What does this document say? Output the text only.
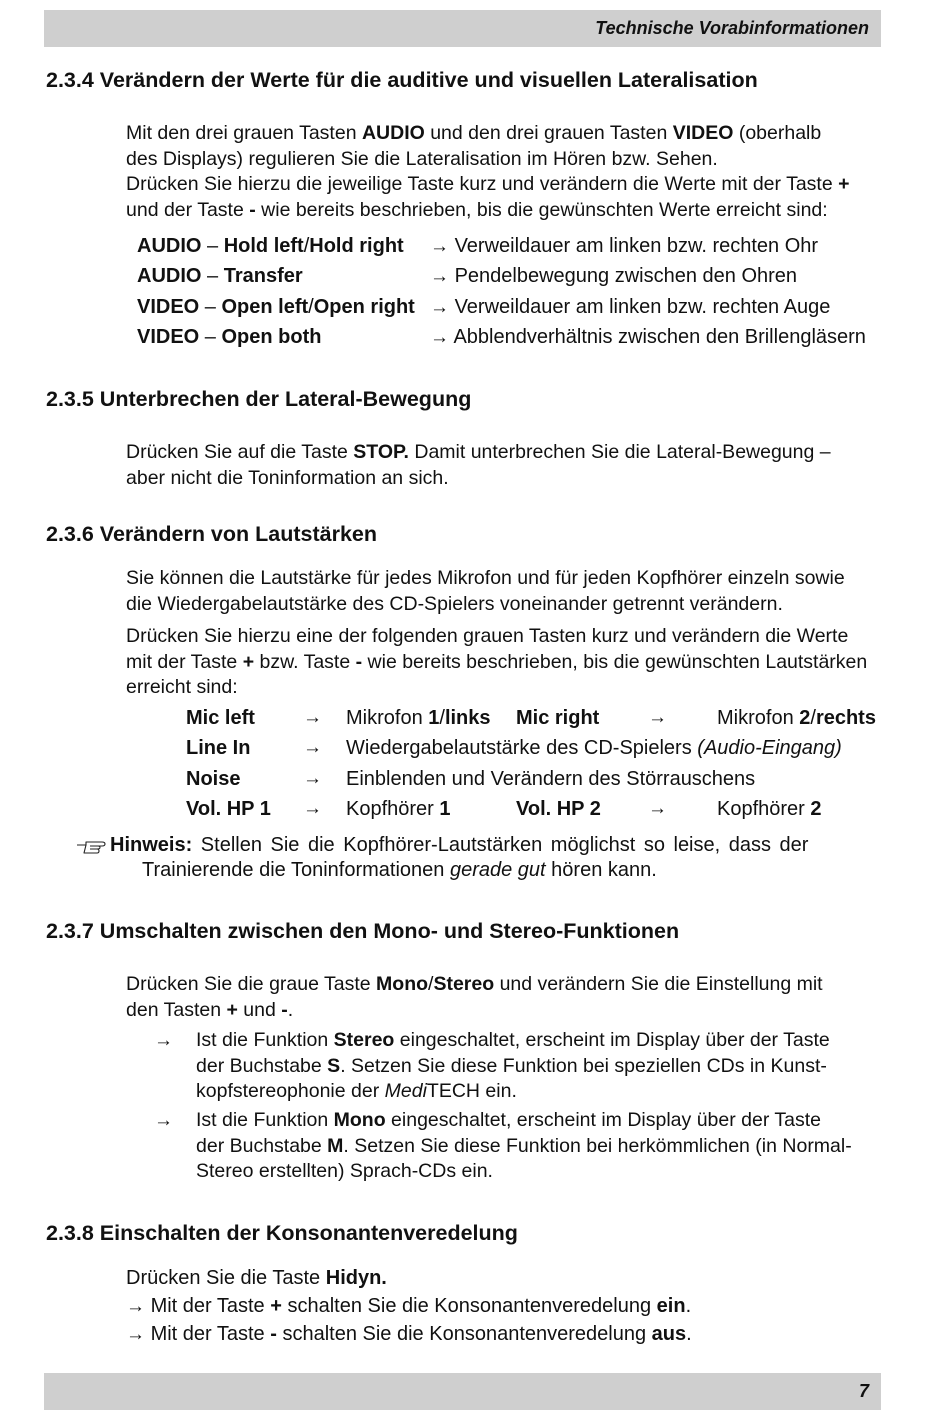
Technische Vorabinformationen
2.3.4 Verändern der Werte für die auditive und visuellen Lateralisation
Mit den drei grauen Tasten AUDIO und den drei grauen Tasten VIDEO (oberhalb
des Displays) regulieren Sie die Lateralisation im Hören bzw. Sehen.
Drücken Sie hierzu die jeweilige Taste kurz und verändern die Werte mit der Taste +
und der Taste - wie bereits beschrieben, bis die gewünschten Werte erreicht sind:
AUDIO – Hold left/Hold right → Verweildauer am linken bzw. rechten Ohr
AUDIO – Transfer	→ Pendelbewegung zwischen den Ohren
VIDEO – Open left/Open right → Verweildauer am linken bzw. rechten Auge
VIDEO – Open both	→ Abblendverhältnis zwischen den Brillengläsern
2.3.5 Unterbrechen der Lateral-Bewegung
Drücken Sie auf die Taste STOP. Damit unterbrechen Sie die Lateral-Bewegung –
aber nicht die Toninformation an sich.
2.3.6 Verändern von Lautstärken
Sie können die Lautstärke für jedes Mikrofon und für jeden Kopfhörer einzeln sowie
die Wiedergabelautstärke des CD-Spielers voneinander getrennt verändern.
Drücken Sie hierzu eine der folgenden grauen Tasten kurz und verändern die Werte
mit der Taste + bzw. Taste - wie bereits beschrieben, bis die gewünschten Lautstärken
erreicht sind:
Mic left	→ Mikrofon 1/links Mic right	→	Mikrofon 2/rechts
Line In	→ Wiedergabelautstärke des CD-Spielers (Audio-Eingang)
Noise	→ Einblenden und Verändern des Störrauschens
Vol. HP 1 → Kopfhörer 1	Vol. HP 2 →	Kopfhörer 2
Hinweis: Stellen Sie die Kopfhörer-Lautstärken möglichst so leise, dass der
Trainierende die Toninformationen gerade gut hören kann.
2.3.7 Umschalten zwischen den Mono- und Stereo-Funktionen
Drücken Sie die graue Taste Mono/Stereo und verändern Sie die Einstellung mit
den Tasten + und -.
→ Ist die Funktion Stereo eingeschaltet, erscheint im Display über der Taste
der Buchstabe S. Setzen Sie diese Funktion bei speziellen CDs in Kunst-
kopfstereophonie der MediTECH ein.
→ Ist die Funktion Mono eingeschaltet, erscheint im Display über der Taste
der Buchstabe M. Setzen Sie diese Funktion bei herkömmlichen (in Normal-
Stereo erstellten) Sprach-CDs ein.
2.3.8 Einschalten der Konsonantenveredelung
Drücken Sie die Taste Hidyn.
→ Mit der Taste + schalten Sie die Konsonantenveredelung ein.
→ Mit der Taste - schalten Sie die Konsonantenveredelung aus.
7
